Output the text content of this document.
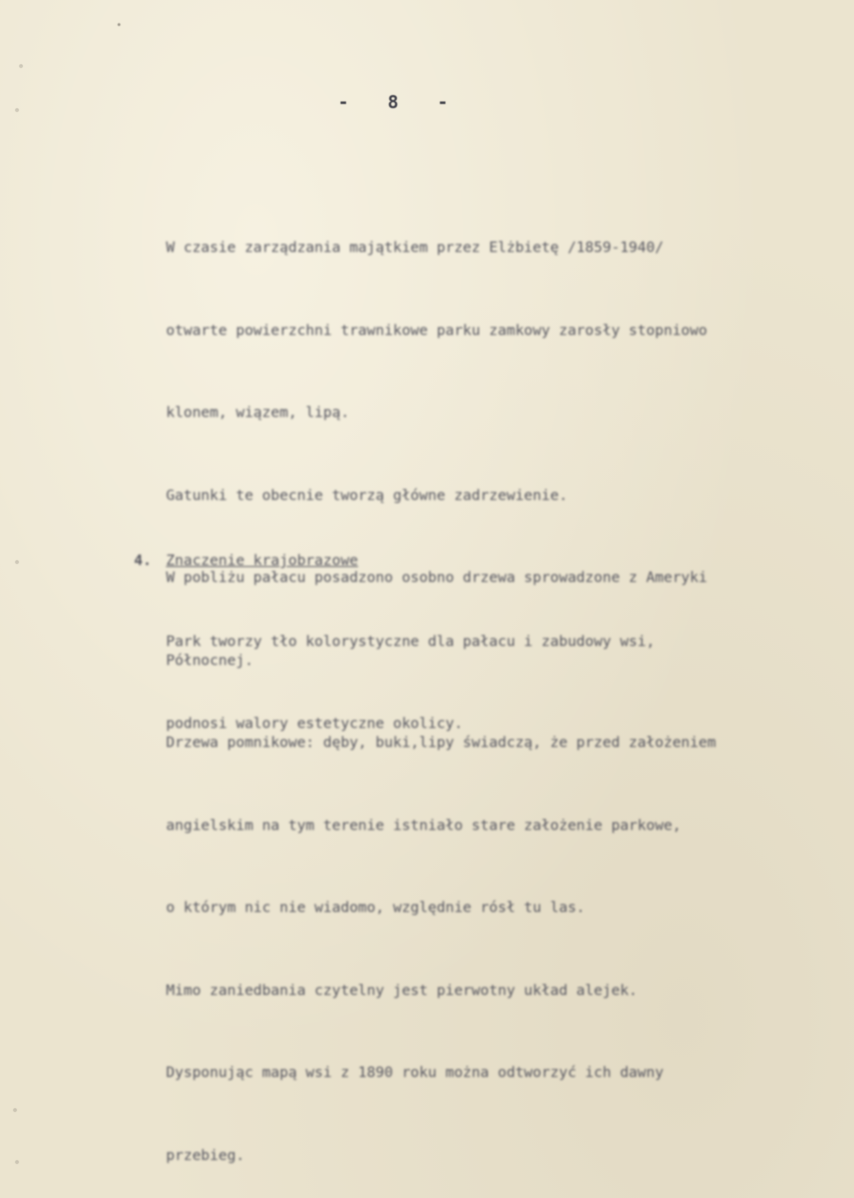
•
°
°
°
°
°
- 8 -

W czasie zarządzania majątkiem przez Elżbietę /1859-1940/

otwarte powierzchni trawnikowe parku zamkowy zarosły stopniowo

klonem, wiązem, lipą.

Gatunki te obecnie tworzą główne zadrzewienie.

W pobliżu pałacu posadzono osobno drzewa sprowadzone z Ameryki

Północnej.

Drzewa pomnikowe: dęby, buki,lipy świadczą, że przed założeniem

angielskim na tym terenie istniało stare założenie parkowe,

o którym nic nie wiadomo, względnie rósł tu las.

Mimo zaniedbania czytelny jest pierwotny układ alejek.

Dysponując mapą wsi z 1890 roku można odtworzyć ich dawny

przebieg.

4.

Znaczenie krajobrazowe

Park tworzy tło kolorystyczne dla pałacu i zabudowy wsi,

podnosi walory estetyczne okolicy.
